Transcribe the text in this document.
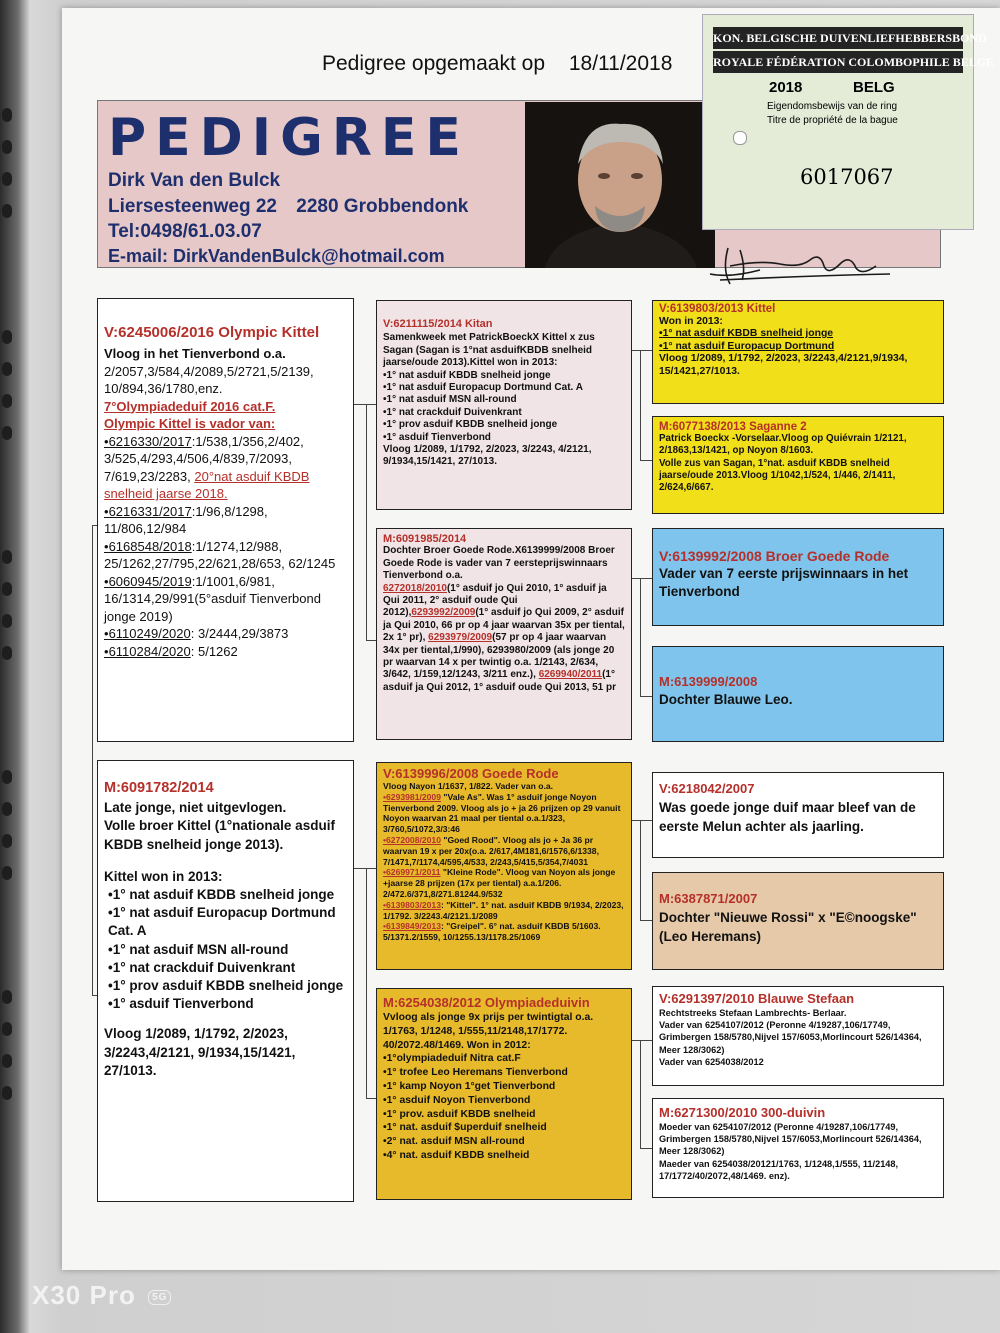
Pedigree opgemaakt op 18/11/2018
PEDIGREE
Dirk Van den Bulck
Liersesteenweg 22 2280 Grobbendonk
Tel:0498/61.03.07
E-mail: DirkVandenBulck@hotmail.com
KON. BELGISCHE DUIVENLIEFHEBBERSBOND
ROYALE FÉDÉRATION COLOMBOPHILE BELGE
2018	BELG
Eigendomsbewijs van de ring
Titre de propriété de la bague
6017067
V:6245006/2016 Olympic Kittel
Vloog in het Tienverbond o.a.
2/2057,3/584,4/2089,5/2721,5/2139,
10/894,36/1780,enz.
7°Olympiadeduif 2016 cat.F.
Olympic Kittel is vador van:
• 6216330/2017:1/538,1/356,2/402, 3/525,4/293,4/506,4/839,7/2093, 7/619,23/2283, 20°nat asduif KBDB snelheid jaarse 2018.
• 6216331/2017:1/96,8/1298, 11/806,12/984
• 6168548/2018:1/1274,12/988, 25/1262,27/795,22/621,28/653, 62/1245
• 6060945/2019:1/1001,6/981, 16/1314,29/991(5°asduif Tienverbond jonge 2019)
• 6110249/2020: 3/2444,29/3873
• 6110284/2020: 5/1262
M:6091782/2014
Late jonge, niet uitgevlogen.
Volle broer Kittel (1°nationale asduif KBDB snelheid jonge 2013).
Kittel won in 2013:
• 1° nat asduif KBDB snelheid jonge
• 1° nat asduif Europacup Dortmund Cat. A
• 1° nat asduif MSN all-round
• 1° nat crackduif Duivenkrant
• 1° prov asduif KBDB snelheid jonge
• 1° asduif Tienverbond
Vloog 1/2089, 1/1792, 2/2023, 3/2243,4/2121, 9/1934,15/1421, 27/1013.
V:6211115/2014 Kitan
Samenkweek met PatrickBoeckX Kittel x zus Sagan (Sagan is 1°nat asduifKBDB snelheid jaarse/oude 2013).Kittel won in 2013:
• 1° nat asduif KBDB snelheid jonge
• 1° nat asduif Europacup Dortmund Cat. A
• 1° nat asduif MSN all-round
• 1° nat crackduif Duivenkrant
• 1° prov asduif KBDB snelheid jonge
• 1° asduif Tienverbond
Vloog 1/2089, 1/1792, 2/2023, 3/2243, 4/2121, 9/1934,15/1421, 27/1013.
M:6091985/2014
Dochter Broer Goede Rode.X6139999/2008 Broer Goede Rode is vader van 7 eersteprijswinnaars Tienverbond o.a.
6272018/2010(1° asduif jo Qui 2010, 1° asduif ja Qui 2011, 2° asduif oude Qui 2012),6293992/2009(1° asduif jo Qui 2009, 2° asduif ja Qui 2010, 66 pr op 4 jaar waarvan 35x per tiental, 2x 1° pr), 6293979/2009(57 pr op 4 jaar waarvan 34x per tiental,1/990), 6293980/2009 (als jonge 20 pr waarvan 14 x per twintig o.a. 1/2143, 2/634, 3/642, 1/159,12/1243, 3/211 enz.), 6269940/2011(1° asduif ja Qui 2012, 1° asduif oude Qui 2013, 51 pr
V:6139996/2008 Goede Rode
Vloog Nayon 1/1637, 1/822. Vader van o.a.
• 6293981/2009 "Vale As". Was 1° asduif jonge Noyon Tienverbond 2009. Vloog als jo + ja 26 prijzen op 29 vanuit Noyon waarvan 21 maal per tiental o.a.1/323, 3/760,5/1072,3/3:46
• 6272008/2010 "Goed Rood". Vloog als jo + Ja 36 pr waarvan 19 x per 20x(o.a. 2/617,4M181,6/1576,6/1338, 7/1471,7/1174,4/595,4/533, 2/243,5/415,5/354,7/4031
• 6269971/2011 "Kleine Rode". Vloog van Noyon als jonge +jaarse 28 prijzen (17x per tiental) a.a.1/206. 2/472.6/371,8/271.81244.9/532
• 6139803/2013: "Kittel". 1° nat. asduif KBDB 9/1934, 2/2023, 1/1792. 3/2243.4/2121.1/2089
• 6139849/2013: "Greipel". 6° nat. asduif KBDB 5/1603. 5/1371.2/1559, 10/1255.13/1178.25/1069
M:6254038/2012 Olympiadeduivin
Vvloog als jonge 9x prijs per twintigtal o.a. 1/1763, 1/1248, 1/555,11/2148,17/1772. 40/2072.48/1469. Won in 2012:
• 1°olympiadeduif Nitra cat.F
• 1° trofee Leo Heremans Tienverbond
• 1° kamp Noyon 1°get Tienverbond
• 1° asduif Noyon Tienverbond
• 1° prov. asduif KBDB snelheid
• 1° nat. asduif $uperduif snelheid
• 2° nat. asduif MSN all-round
• 4° nat. asduif KBDB snelheid
V:6139803/2013 Kittel
Won in 2013:
• 1° nat asduif KBDB snelheid jonge
• 1° nat asduif Europacup Dortmund
Vloog 1/2089, 1/1792, 2/2023, 3/2243,4/2121,9/1934, 15/1421,27/1013.
M:6077138/2013 Saganne 2
Patrick Boeckx -Vorselaar.Vloog op Quiévrain 1/2121, 2/1863,13/1421, op Noyon 8/1603.
Volle zus van Sagan, 1°nat. asduif KBDB snelheid jaarse/oude 2013.Vloog 1/1042,1/524, 1/446, 2/1411, 2/624,6/667.
V:6139992/2008 Broer Goede Rode
Vader van 7 eerste prijswinnaars in het Tienverbond
M:6139999/2008
Dochter Blauwe Leo.
V:6218042/2007
Was goede jonge duif maar bleef van de eerste Melun achter als jaarling.
M:6387871/2007
Dochter "Nieuwe Rossi" x "E©noogske" (Leo Heremans)
V:6291397/2010 Blauwe Stefaan
Rechtstreeks Stefaan Lambrechts- Berlaar.
Vader van 6254107/2012 (Peronne 4/19287,106/17749, Grimbergen 158/5780,Nijvel 157/6053,Morlincourt 526/14364, Meer 128/3062)
Vader van 6254038/2012
M:6271300/2010 300-duivin
Moeder van 6254107/2012 (Peronne 4/19287,106/17749, Grimbergen 158/5780,Nijvel 157/6053,Morlincourt 526/14364, Meer 128/3062)
Maeder van 6254038/20121/1763, 1/1248,1/555, 11/2148, 17/1772/40/2072,48/1469. enz).
X30 Pro 5G
